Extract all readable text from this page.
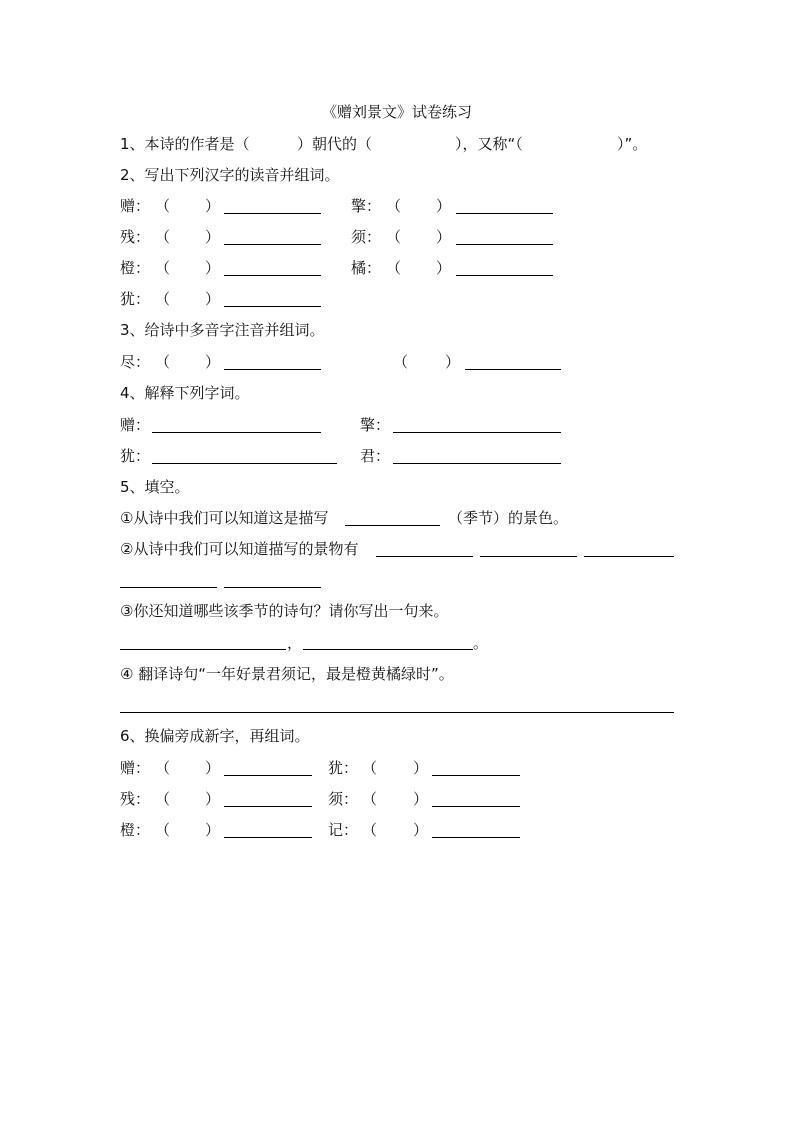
《赠刘景文》试卷练习
1、本诗的作者是（	）朝代的（	），又称“（	）”。
2、写出下列汉字的读音并组词。
赠： （ ）	擎： （ ）
残： （ ）	须： （ ）
橙： （ ）	橘： （ ）
犹： （ ）
3、给诗中多音字注音并组词。
尽： （ ）	（ ）
4、解释下列字词。
赠：	擎：
犹：	君：
5、填空。
①从诗中我们可以知道这是描写	（季节）的景色。
②从诗中我们可以知道描写的景物有
③你还知道哪些该季节的诗句？请你写出一句来。
，	。
④ 翻译诗句“一年好景君须记，最是橙黄橘绿时”。
6、换偏旁成新字，再组词。
赠： （ ）	犹： （ ）
残： （ ）	须： （ ）
橙： （ ）	记： （ ）
